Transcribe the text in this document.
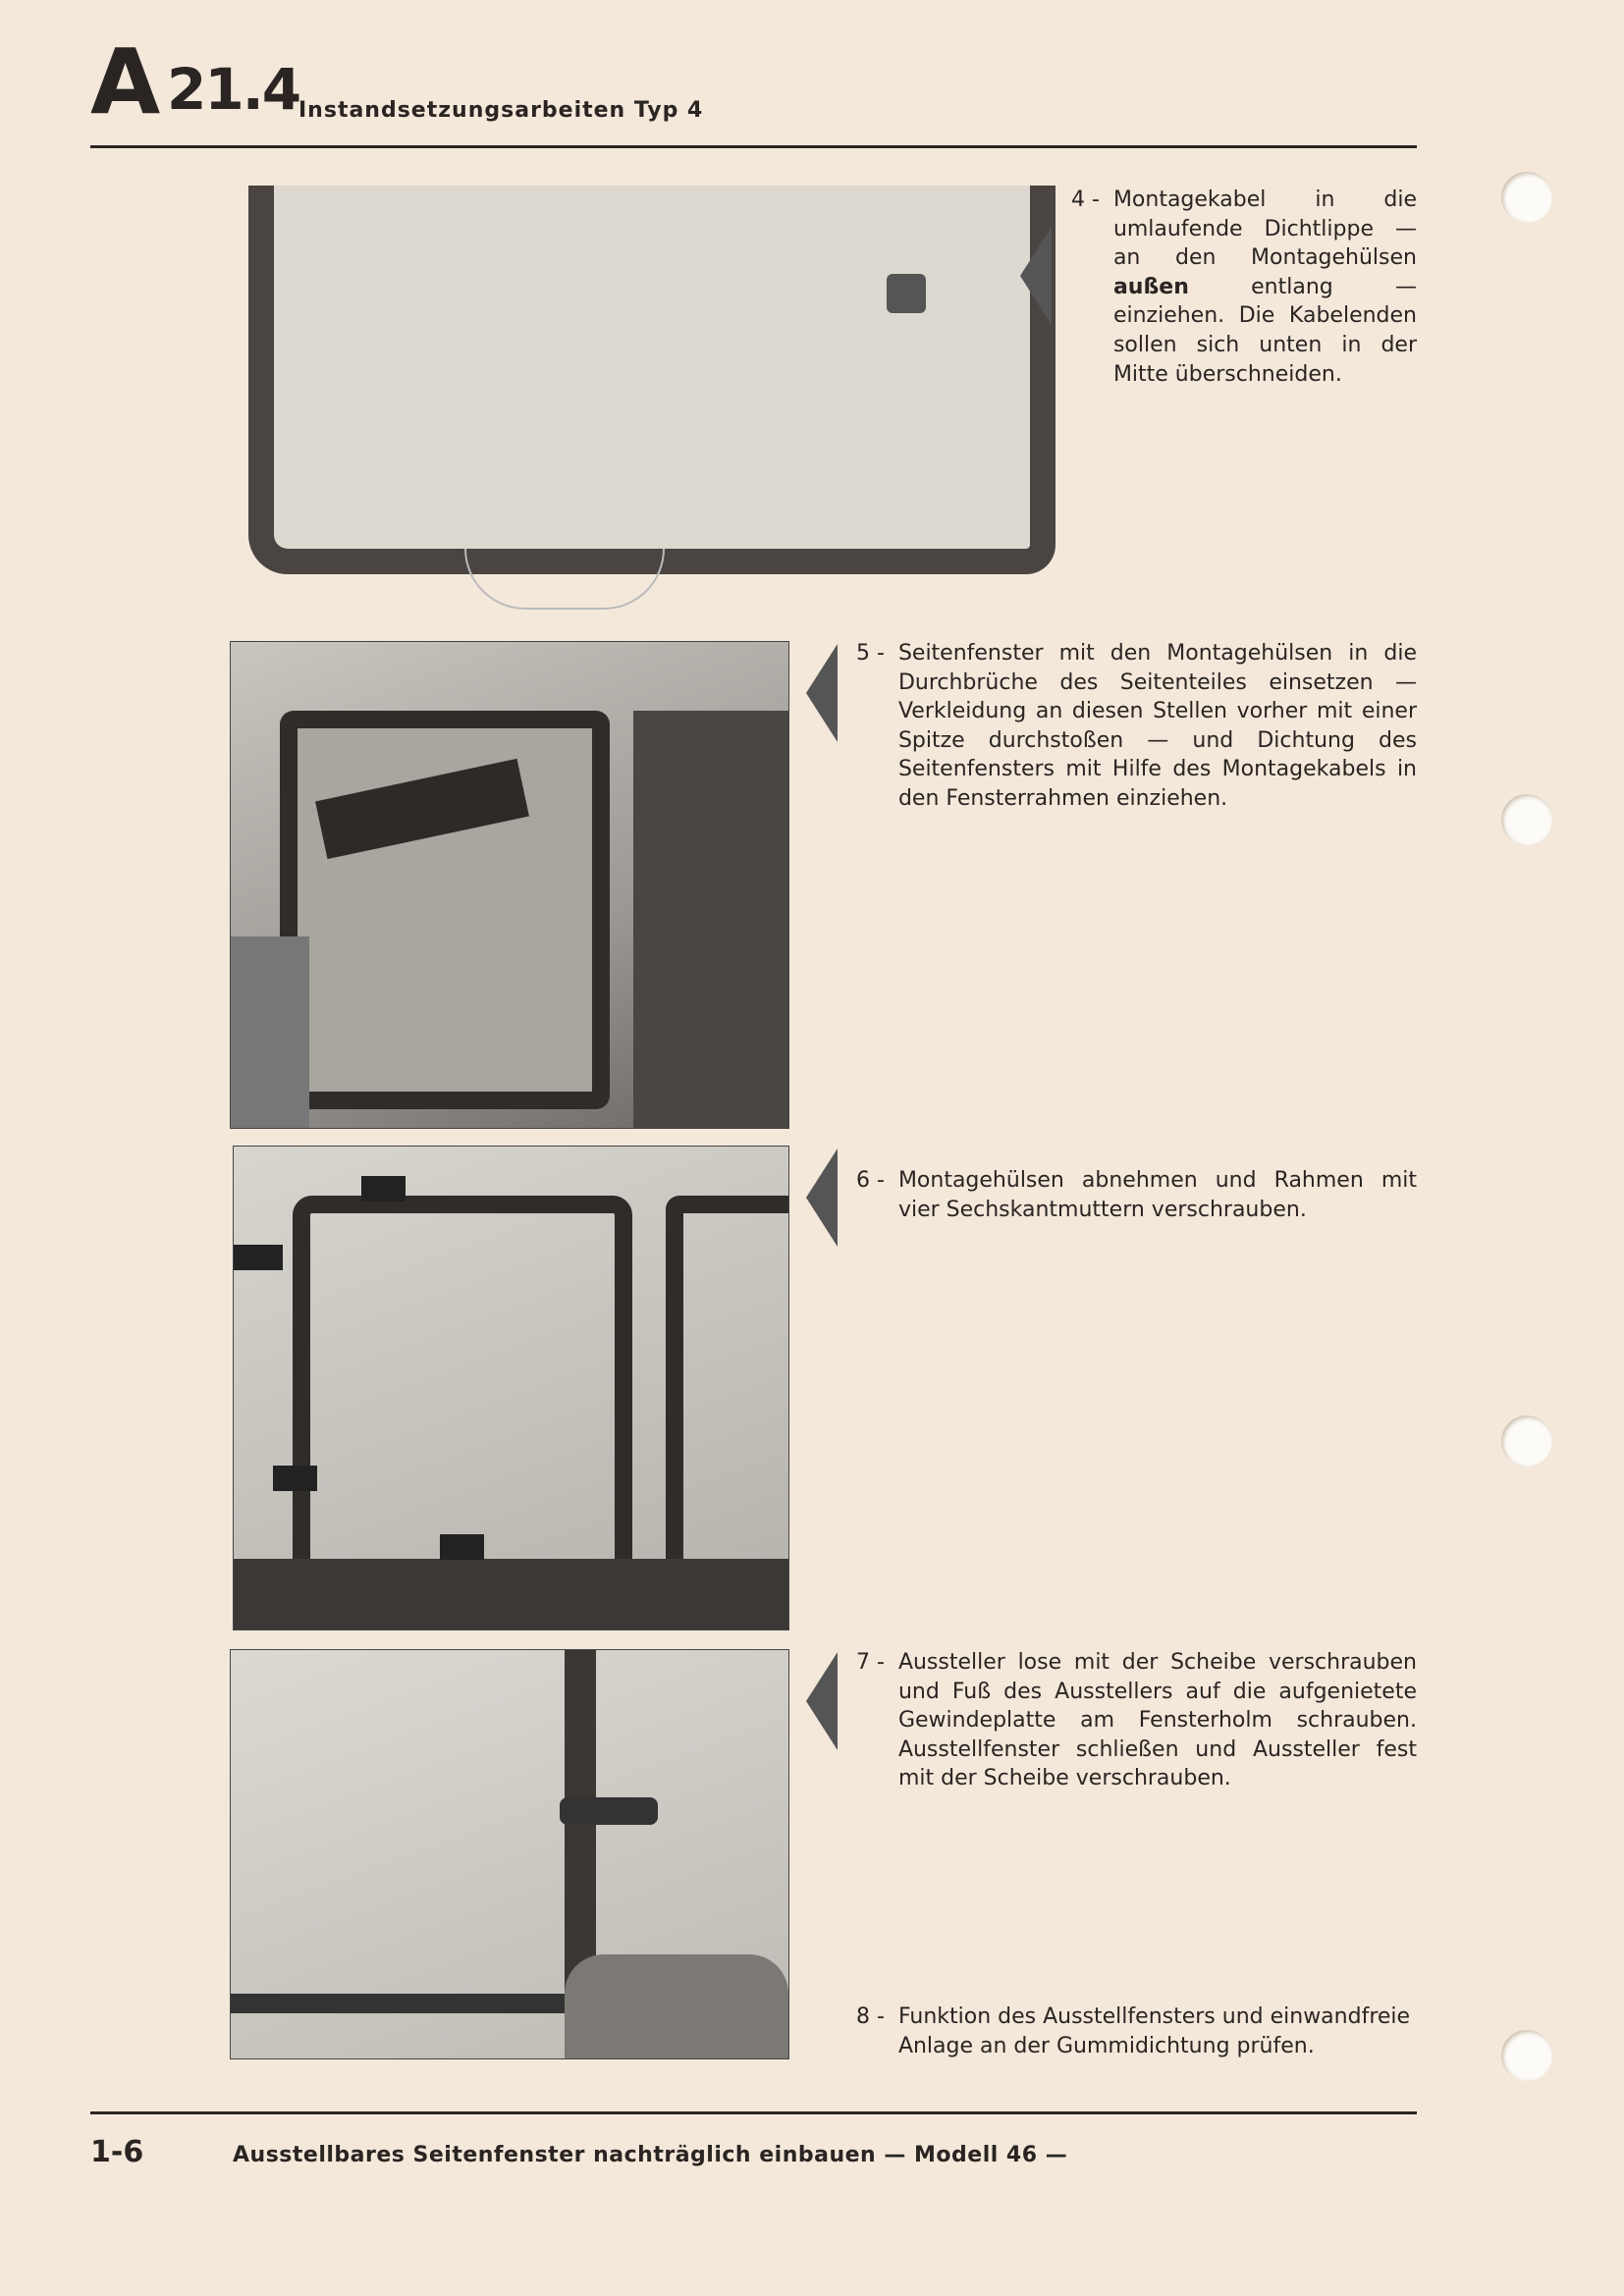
A 21.4
Instandsetzungsarbeiten Typ 4
4 - Montagekabel in die umlaufende Dichtlippe — an den Montagehülsen außen entlang — einziehen. Die Kabelenden sollen sich unten in der Mitte überschneiden.
5 - Seitenfenster mit den Montagehülsen in die Durchbrüche des Seitenteiles einsetzen — Verkleidung an diesen Stellen vorher mit einer Spitze durchstoßen — und Dichtung des Seitenfensters mit Hilfe des Montagekabels in den Fensterrahmen einziehen.
6 - Montagehülsen abnehmen und Rahmen mit vier Sechskantmuttern verschrauben.
7 - Aussteller lose mit der Scheibe verschrauben und Fuß des Ausstellers auf die aufgenietete Gewindeplatte am Fensterholm schrauben. Ausstellfenster schließen und Aussteller fest mit der Scheibe verschrauben.
8 - Funktion des Ausstellfensters und einwandfreie Anlage an der Gummidichtung prüfen.
1-6	Ausstellbares Seitenfenster nachträglich einbauen — Modell 46 —
